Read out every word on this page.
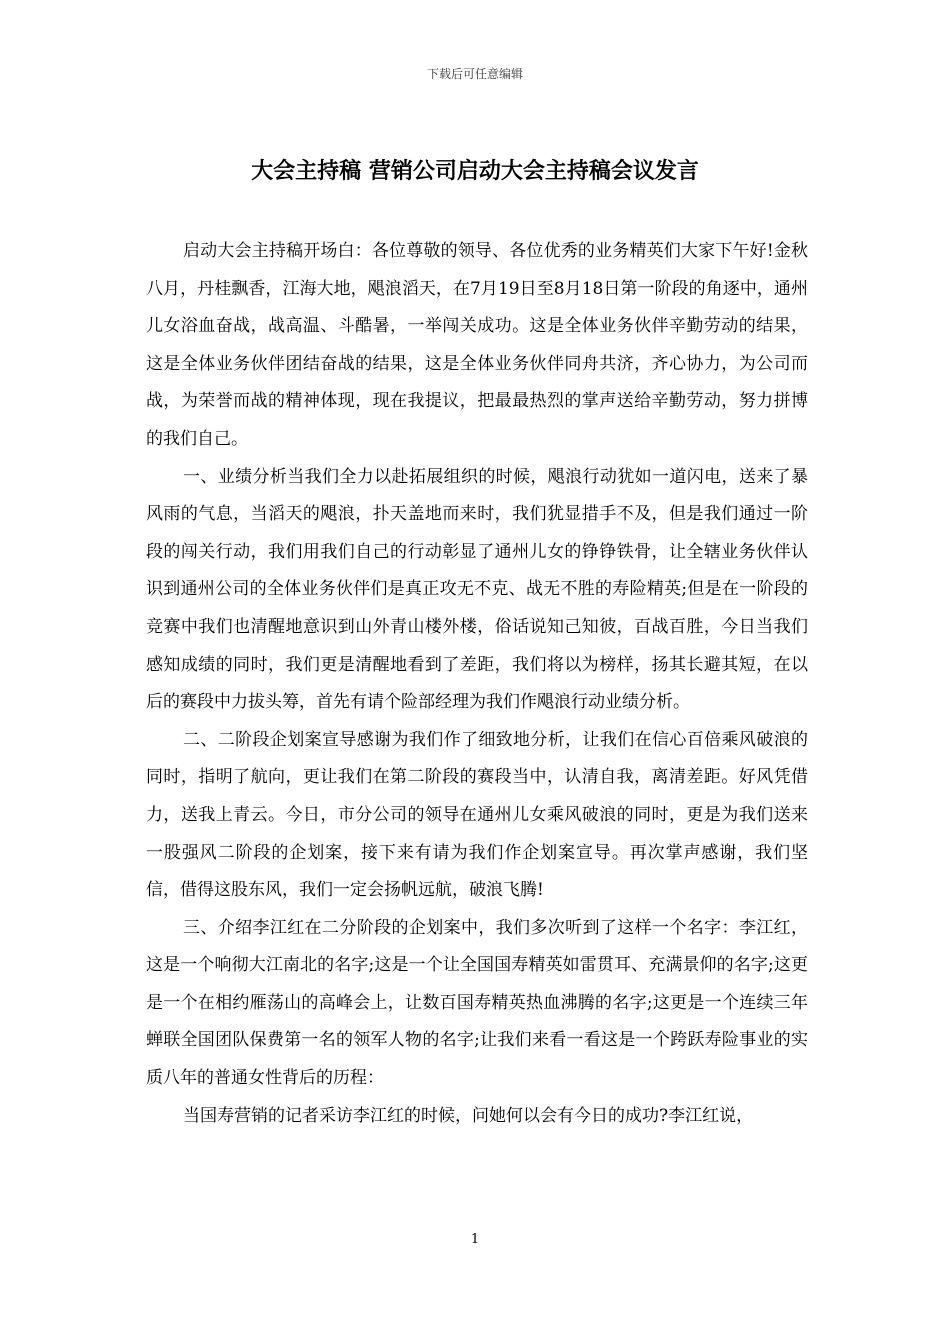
下载后可任意编辑
大会主持稿 营销公司启动大会主持稿会议发言

启动大会主持稿开场白：各位尊敬的领导、各位优秀的业务精英们大家下午好!金秋八月，丹桂飘香，江海大地，飓浪滔天，在7月19日至8月18日第一阶段的角逐中，通州儿女浴血奋战，战高温、斗酷暑，一举闯关成功。这是全体业务伙伴辛勤劳动的结果，这是全体业务伙伴团结奋战的结果，这是全体业务伙伴同舟共济，齐心协力，为公司而战，为荣誉而战的精神体现，现在我提议，把最最热烈的掌声送给辛勤劳动，努力拼博的我们自己。

一、业绩分析当我们全力以赴拓展组织的时候，飓浪行动犹如一道闪电，送来了暴风雨的气息，当滔天的飓浪，扑天盖地而来时，我们犹显措手不及，但是我们通过一阶段的闯关行动，我们用我们自己的行动彰显了通州儿女的铮铮铁骨，让全辖业务伙伴认识到通州公司的全体业务伙伴们是真正攻无不克、战无不胜的寿险精英;但是在一阶段的竞赛中我们也清醒地意识到山外青山楼外楼，俗话说知己知彼，百战百胜，今日当我们感知成绩的同时，我们更是清醒地看到了差距，我们将以为榜样，扬其长避其短，在以后的赛段中力拔头筹，首先有请个险部经理为我们作飓浪行动业绩分析。

二、二阶段企划案宣导感谢为我们作了细致地分析，让我们在信心百倍乘风破浪的同时，指明了航向，更让我们在第二阶段的赛段当中，认清自我，离清差距。好风凭借力，送我上青云。今日，市分公司的领导在通州儿女乘风破浪的同时，更是为我们送来一股强风二阶段的企划案，接下来有请为我们作企划案宣导。再次掌声感谢，我们坚信，借得这股东风，我们一定会扬帆远航，破浪飞腾!

三、介绍李江红在二分阶段的企划案中，我们多次听到了这样一个名字：李江红，这是一个响彻大江南北的名字;这是一个让全国国寿精英如雷贯耳、充满景仰的名字;这更是一个在相约雁荡山的高峰会上，让数百国寿精英热血沸腾的名字;这更是一个连续三年蝉联全国团队保费第一名的领军人物的名字;让我们来看一看这是一个跨跃寿险事业的实质八年的普通女性背后的历程：

当国寿营销的记者采访李江红的时候，问她何以会有今日的成功?李江红说，

1
